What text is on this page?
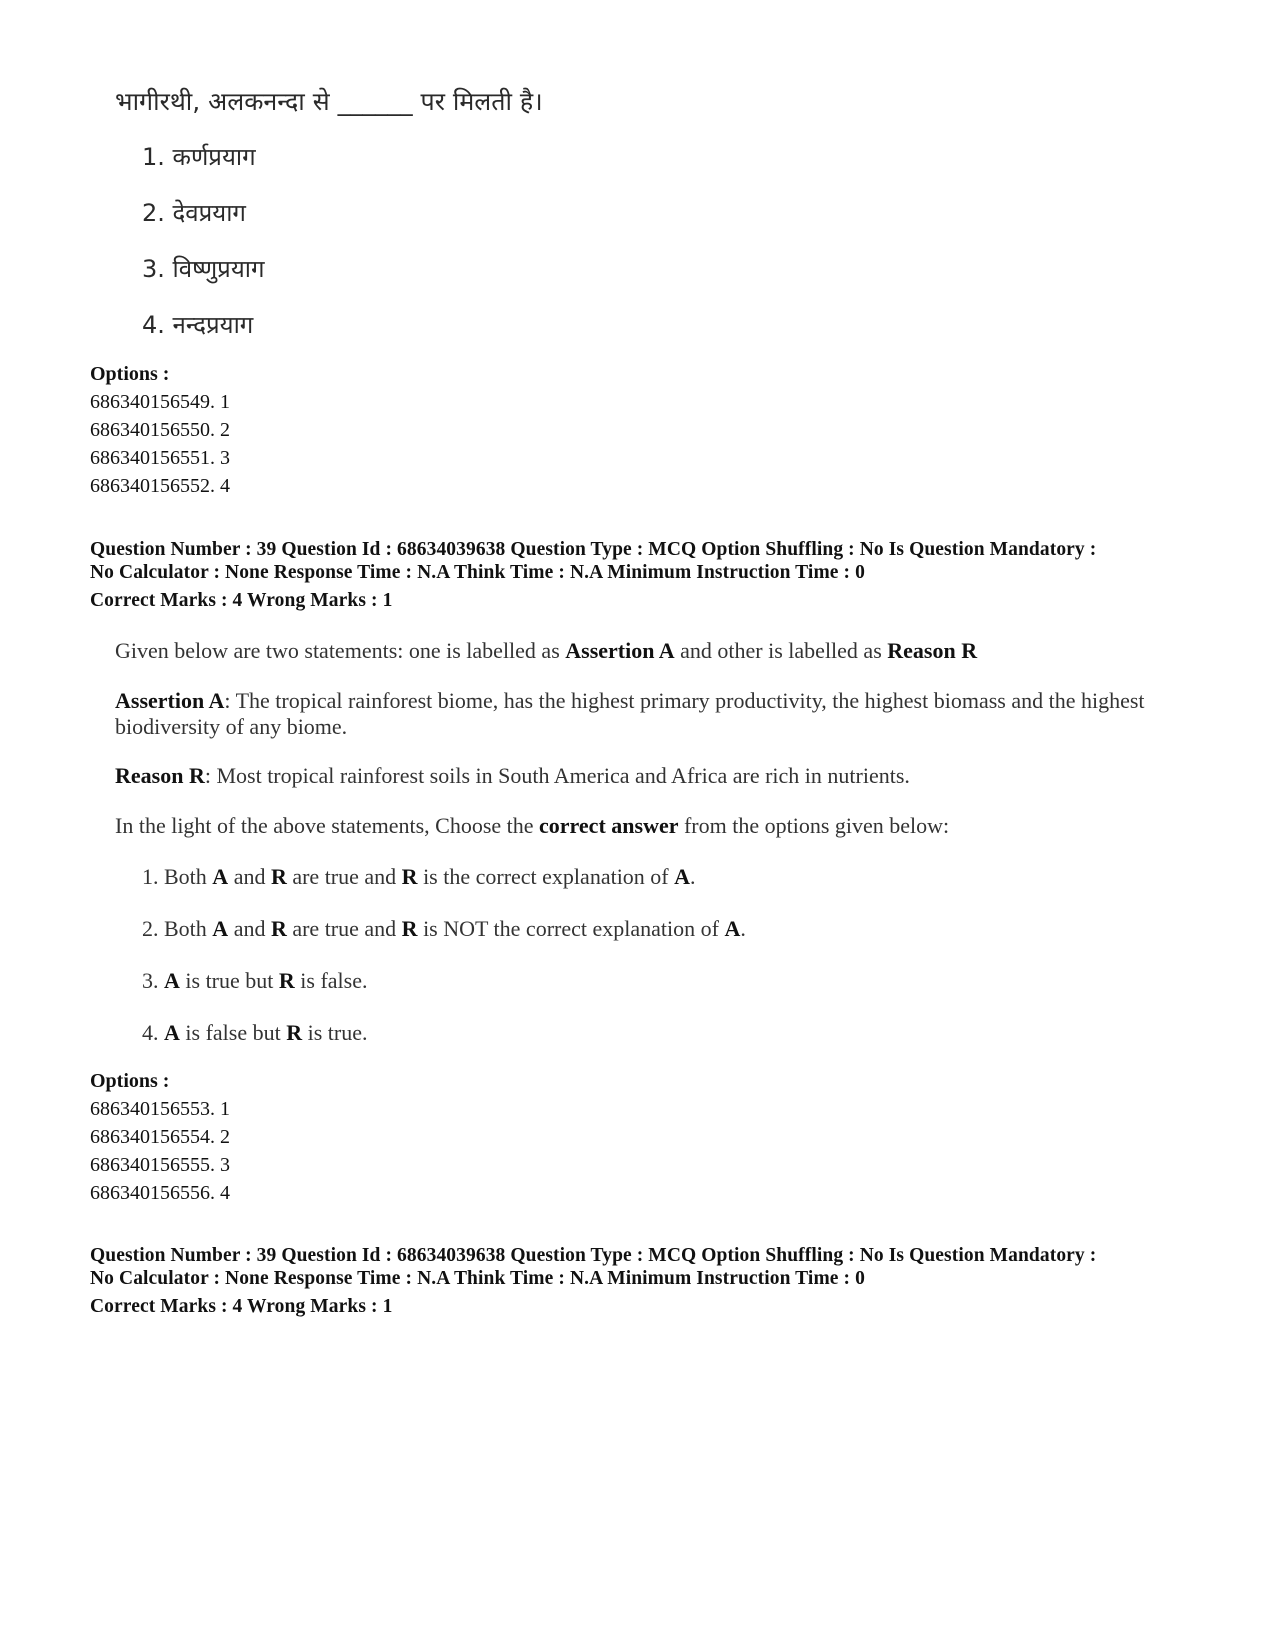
भागीरथी, अलकनन्दा से ______ पर मिलती है।
1. कर्णप्रयाग
2. देवप्रयाग
3. विष्णुप्रयाग
4. नन्दप्रयाग
Options :
686340156549. 1
686340156550. 2
686340156551. 3
686340156552. 4
Question Number : 39 Question Id : 68634039638 Question Type : MCQ Option Shuffling : No Is Question Mandatory :
No Calculator : None Response Time : N.A Think Time : N.A Minimum Instruction Time : 0
Correct Marks : 4 Wrong Marks : 1
Given below are two statements: one is labelled as Assertion A and other is labelled as Reason R
Assertion A: The tropical rainforest biome, has the highest primary productivity, the highest biomass and the highest biodiversity of any biome.
Reason R: Most tropical rainforest soils in South America and Africa are rich in nutrients.
In the light of the above statements, Choose the correct answer from the options given below:
1. Both A and R are true and R is the correct explanation of A.
2. Both A and R are true and R is NOT the correct explanation of A.
3. A is true but R is false.
4. A is false but R is true.
Options :
686340156553. 1
686340156554. 2
686340156555. 3
686340156556. 4
Question Number : 39 Question Id : 68634039638 Question Type : MCQ Option Shuffling : No Is Question Mandatory :
No Calculator : None Response Time : N.A Think Time : N.A Minimum Instruction Time : 0
Correct Marks : 4 Wrong Marks : 1
